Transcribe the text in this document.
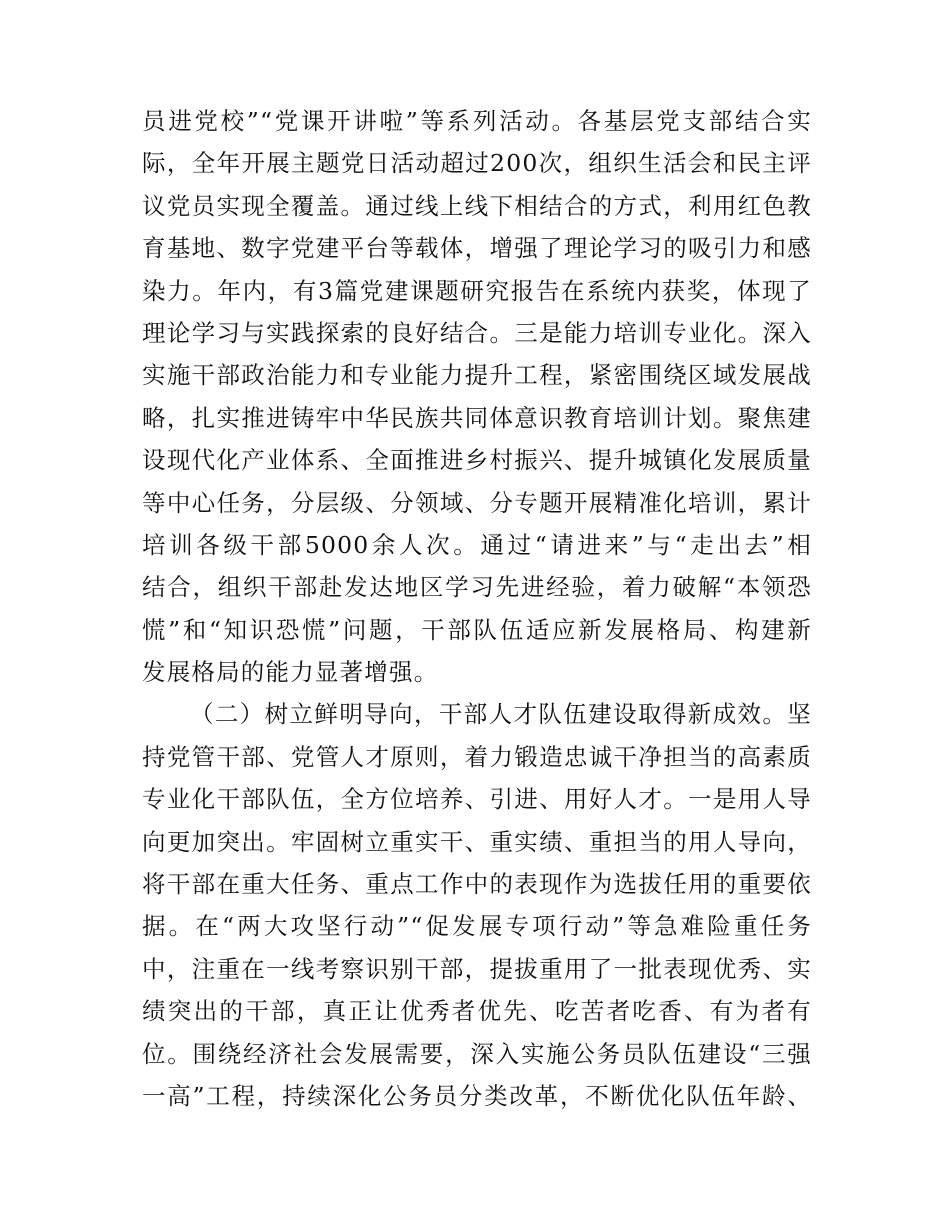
员进党校”“党课开讲啦”等系列活动。各基层党支部结合实
际，全年开展主题党日活动超过200次，组织生活会和民主评
议党员实现全覆盖。通过线上线下相结合的方式，利用红色教
育基地、数字党建平台等载体，增强了理论学习的吸引力和感
染力。年内，有3篇党建课题研究报告在系统内获奖，体现了
理论学习与实践探索的良好结合。三是能力培训专业化。深入
实施干部政治能力和专业能力提升工程，紧密围绕区域发展战
略，扎实推进铸牢中华民族共同体意识教育培训计划。聚焦建
设现代化产业体系、全面推进乡村振兴、提升城镇化发展质量
等中心任务，分层级、分领域、分专题开展精准化培训，累计
培训各级干部5000余人次。通过“请进来”与“走出去”相
结合，组织干部赴发达地区学习先进经验，着力破解“本领恐
慌”和“知识恐慌”问题，干部队伍适应新发展格局、构建新
发展格局的能力显著增强。
（二）树立鲜明导向，干部人才队伍建设取得新成效。坚
持党管干部、党管人才原则，着力锻造忠诚干净担当的高素质
专业化干部队伍，全方位培养、引进、用好人才。一是用人导
向更加突出。牢固树立重实干、重实绩、重担当的用人导向，
将干部在重大任务、重点工作中的表现作为选拔任用的重要依
据。在“两大攻坚行动”“促发展专项行动”等急难险重任务
中，注重在一线考察识别干部，提拔重用了一批表现优秀、实
绩突出的干部，真正让优秀者优先、吃苦者吃香、有为者有
位。围绕经济社会发展需要，深入实施公务员队伍建设“三强
一高”工程，持续深化公务员分类改革，不断优化队伍年龄、
